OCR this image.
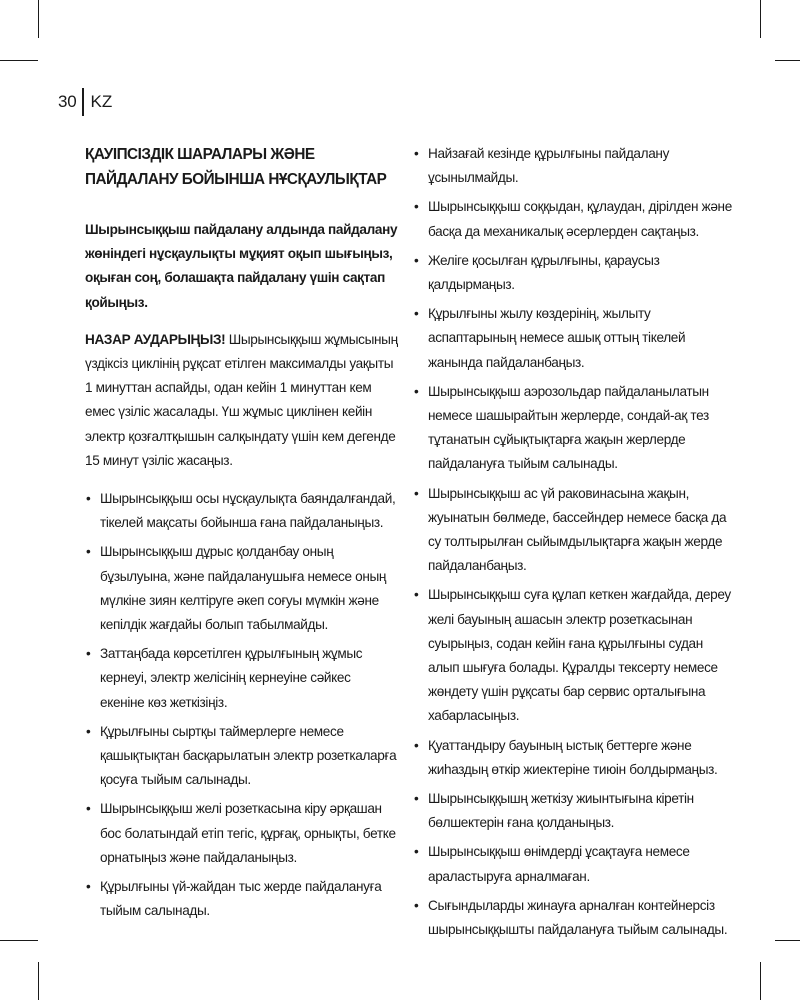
30 KZ
ҚАУІПСІЗДІК ШАРАЛАРЫ ЖӘНЕ ПАЙДАЛАНУ БОЙЫНША НҰСҚАУЛЫҚТАР

Шырынсыққыш пайдалану алдында пайдалану жөніндегі нұсқаулықты мұқият оқып шығыңыз, оқыған соң, болашақта пайдалану үшін сақтап қойыңыз.

НАЗАР АУДАРЫҢЫЗ! Шырынсыққыш жұмысының үздіксіз циклінің рұқсат етілген максималды уақыты 1 минуттан аспайды, одан кейін 1 минуттан кем емес үзіліс жасалады. Үш жұмыс циклінен кейін электр қозғалтқышын салқындату үшін кем дегенде 15 минут үзіліс жасаңыз.

• Шырынсыққыш осы нұсқаулықта баяндалғандай, тікелей мақсаты бойынша ғана пайдаланыңыз.
• Шырынсыққыш дұрыс қолданбау оның бұзылуына, және пайдаланушыға немесе оның мүлкіне зиян келтіруге әкеп соғуы мүмкін және кепілдік жағдайы болып табылмайды.
• Заттаңбада көрсетілген құрылғының жұмыс кернеуі, электр желісінің кернеуіне сәйкес екеніне көз жеткізіңіз.
• Құрылғыны сыртқы таймерлерге немесе қашықтықтан басқарылатын электр розеткаларға қосуға тыйым салынады.
• Шырынсыққыш желі розеткасына кіру әрқашан бос болатындай етіп тегіс, құрғақ, орнықты, бетке орнатыңыз және пайдаланыңыз.
• Құрылғыны үй-жайдан тыс жерде пайдалануға тыйым салынады.
• Найзағай кезінде құрылғыны пайдалану ұсынылмайды.
• Шырынсыққыш соққыдан, құлаудан, дірілден және басқа да механикалық әсерлерден сақтаңыз.
• Желіге қосылған құрылғыны, қараусыз қалдырмаңыз.
• Құрылғыны жылу көздерінің, жылыту аспаптарының немесе ашық оттың тікелей жанында пайдаланбаңыз.
• Шырынсыққыш аэрозольдар пайдаланылатын немесе шашырайтын жерлерде, сондай-ақ тез тұтанатын сұйықтықтарға жақын жерлерде пайдалануға тыйым салынады.
• Шырынсыққыш ас үй раковинасына жақын, жуынатын бөлмеде, бассейндер немесе басқа да су толтырылған сыйымдылықтарға жақын жерде пайдаланбаңыз.
• Шырынсыққыш суға құлап кеткен жағдайда, дереу желі бауының ашасын электр розеткасынан суырыңыз, содан кейін ғана құрылғыны судан алып шығуға болады. Құралды тексерту немесе жөндету үшін рұқсаты бар сервис орталығына хабарласыңыз.
• Қуаттандыру бауының ыстық беттерге және жиһаздың өткір жиектеріне тиюін болдырмаңыз.
• Шырынсыққышң жеткізу жиынтығына кіретін бөлшектерін ғана қолданыңыз.
• Шырынсыққыш өнімдерді ұсақтауға немесе араластыруға арналмаған.
• Сығындыларды жинауға арналған контейнерсіз шырынсыққышты пайдалануға тыйым салынады.
